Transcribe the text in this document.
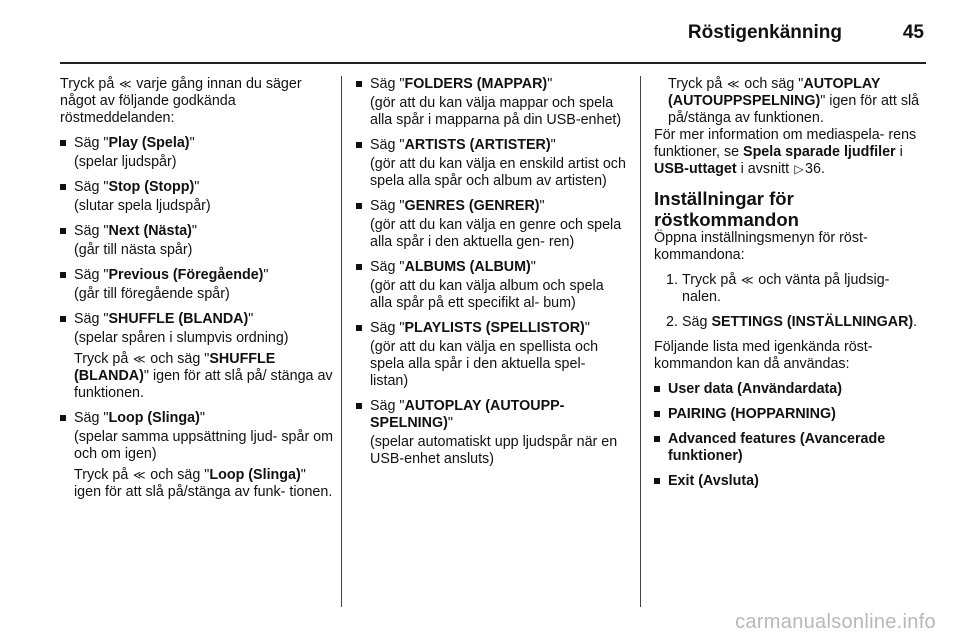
Röstigenkänning	45

Tryck på ≪ varje gång innan du säger något av följande godkända röstmeddelanden:

Säg "Play (Spela)"
(spelar ljudspår)
Säg "Stop (Stopp)"
(slutar spela ljudspår)
Säg "Next (Nästa)"
(går till nästa spår)
Säg "Previous (Föregående)"
(går till föregående spår)
Säg "SHUFFLE (BLANDA)"
(spelar spåren i slumpvis ordning)
Tryck på ≪ och säg "SHUFFLE (BLANDA)" igen för att slå på/ stänga av funktionen.
Säg "Loop (Slinga)"
(spelar samma uppsättning ljud- spår om och om igen)
Tryck på ≪ och säg "Loop (Slinga)" igen för att slå på/stänga av funk- tionen.
Säg "FOLDERS (MAPPAR)"
(gör att du kan välja mappar och spela alla spår i mapparna på din USB-enhet)
Säg "ARTISTS (ARTISTER)"
(gör att du kan välja en enskild artist och spela alla spår och album av artisten)
Säg "GENRES (GENRER)"
(gör att du kan välja en genre och spela alla spår i den aktuella gen- ren)
Säg "ALBUMS (ALBUM)"
(gör att du kan välja album och spela alla spår på ett specifikt al- bum)
Säg "PLAYLISTS (SPELLISTOR)"
(gör att du kan välja en spellista och spela alla spår i den aktuella spel- listan)
Säg "AUTOPLAY (AUTOUPP- SPELNING)"
(spelar automatiskt upp ljudspår när en USB-enhet ansluts)

Tryck på ≪ och säg "AUTOPLAY (AUTOUPPSPELNING)" igen för att slå på/stänga av funktionen.

För mer information om mediaspela- rens funktioner, se Spela sparade ljudfiler i USB-uttaget i avsnitt ▷36.

Inställningar för röstkommandon

Öppna inställningsmenyn för röst- kommandona:

1. Tryck på ≪ och vänta på ljudsig- nalen.
2. Säg SETTINGS (INSTÄLLNINGAR).

Följande lista med igenkända röst- kommandon kan då användas:

User data (Användardata)
PAIRING (HOPPARNING)
Advanced features (Avancerade funktioner)
Exit (Avsluta)
carmanualsonline.info
